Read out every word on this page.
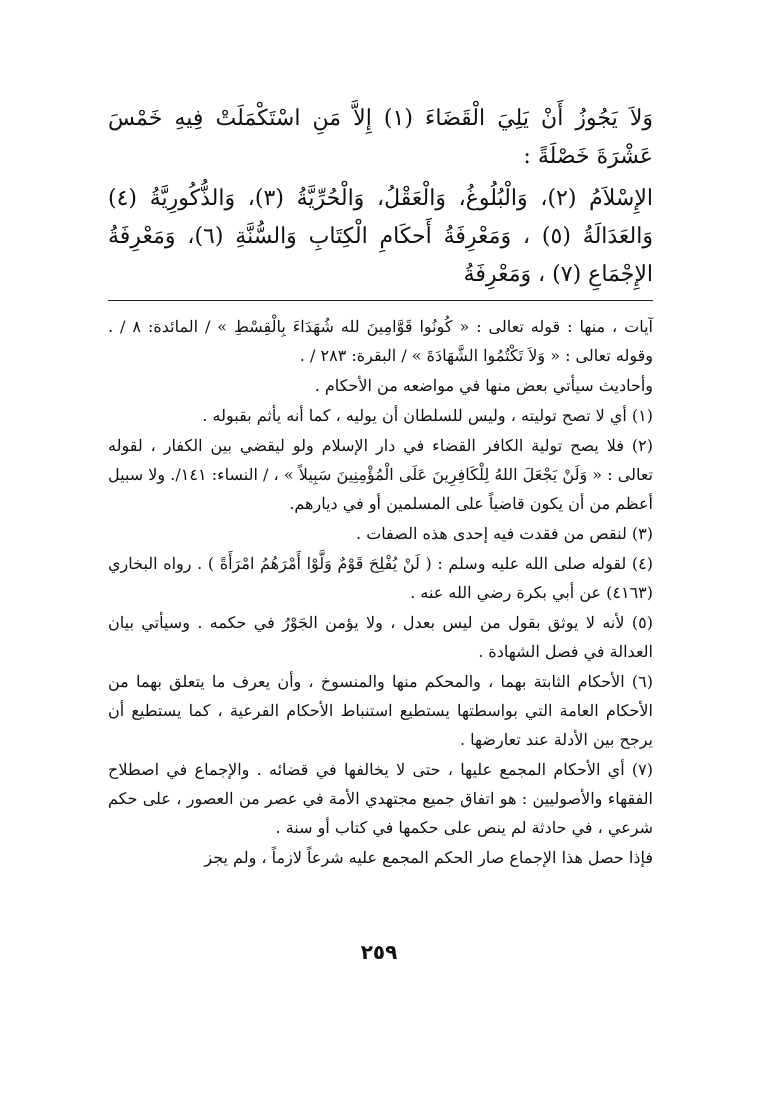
وَلاَ يَجُوزُ أَنْ يَلِيَ الْقَضَاءَ (١) إِلاَّ مَنِ اسْتَكْمَلَتْ فِيهِ خَمْسَ عَشْرَةَ خَصْلَةً :

الإِسْلاَمُ (٢)، وَالْبُلُوغُ، وَالْعَقْلُ، وَالْحُرِّيَّةُ (٣)، وَالذُّكُورِيَّةُ (٤) وَالعَدَالَةُ (٥) ، وَمَعْرِفَةُ أَحكَامِ الْكِتَابِ وَالسُّنَّةِ (٦)، وَمَعْرِفَةُ الإِجْمَاعِ (٧) ، وَمَعْرِفَةُ

آيات ، منها : قوله تعالى : « كُونُوا قَوَّامِينَ لله شُهَدَاءَ بِالْقِسْطِ » / المائدة: ٨ / . وقوله تعالى : « وَلاَ تَكْتُمُوا الشَّهَادَةَ » / البقرة: ٢٨٣ / .

وأحاديث سيأتي بعض منها في مواضعه من الأحكام .

(١) أي لا تصح توليته ، وليس للسلطان أن يوليه ، كما أنه يأثم بقبوله .

(٢) فلا يصح تولية الكافر القضاء في دار الإسلام ولو ليقضي بين الكفار ، لقوله تعالى : « وَلَنْ يَجْعَلَ اللهُ لِلْكَافِرِينَ عَلَى الْمُؤْمِنِينَ سَبِيلاً » ، / النساء: ١٤١/. ولا سبيل أعظم من أن يكون قاضياً على المسلمين أو في ديارهم.

(٣) لنقص من فقدت فيه إحدى هذه الصفات .

(٤) لقوله صلى الله عليه وسلم : ( لَنْ يُفْلِحَ قَوْمٌ وَلَّوْا أَمْرَهُمُ امْرَأَةً ) . رواه البخاري (٤١٦٣) عن أبي بكرة رضي الله عنه .

(٥) لأنه لا يوثق بقول من ليس بعدل ، ولا يؤمن الجَوْرُ في حكمه . وسيأتي بيان العدالة في فصل الشهادة .

(٦) الأحكام الثابتة بهما ، والمحكم منها والمنسوخ ، وأن يعرف ما يتعلق بهما من الأحكام العامة التي بواسطتها يستطيع استنباط الأحكام الفرعية ، كما يستطيع أن يرجح بين الأدلة عند تعارضها .

(٧) أي الأحكام المجمع عليها ، حتى لا يخالفها في قضائه . والإجماع في اصطلاح الفقهاء والأصوليين : هو اتفاق جميع مجتهدي الأمة في عصر من العصور ، على حكم شرعي ، في حادثة لم ينص على حكمها في كتاب أو سنة .

فإذا حصل هذا الإجماع صار الحكم المجمع عليه شرعاً لازماً ، ولم يجز

٢٥٩
